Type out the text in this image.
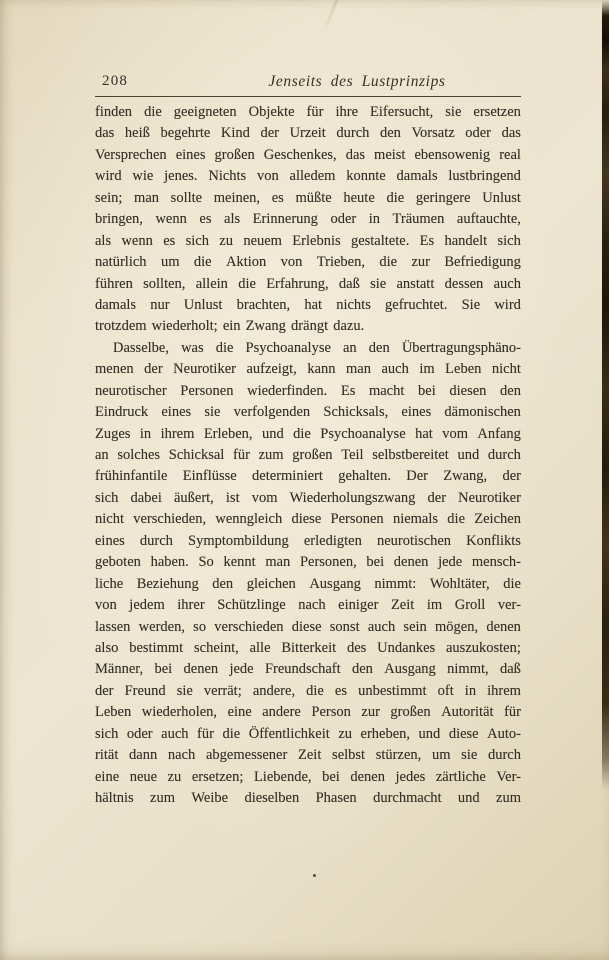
208	Jenseits des Lustprinzips
finden die geeigneten Objekte für ihre Eifersucht, sie ersetzen
das heiß begehrte Kind der Urzeit durch den Vorsatz oder das
Versprechen eines großen Geschenkes, das meist ebensowenig real
wird wie jenes. Nichts von alledem konnte damals lustbringend
sein; man sollte meinen, es müßte heute die geringere Unlust
bringen, wenn es als Erinnerung oder in Träumen auftauchte,
als wenn es sich zu neuem Erlebnis gestaltete. Es handelt sich
natürlich um die Aktion von Trieben, die zur Befriedigung
führen sollten, allein die Erfahrung, daß sie anstatt dessen auch
damals nur Unlust brachten, hat nichts gefruchtet. Sie wird
trotzdem wiederholt; ein Zwang drängt dazu.
Dasselbe, was die Psychoanalyse an den Übertragungsphäno-
menen der Neurotiker aufzeigt, kann man auch im Leben nicht
neurotischer Personen wiederfinden. Es macht bei diesen den
Eindruck eines sie verfolgenden Schicksals, eines dämonischen
Zuges in ihrem Erleben, und die Psychoanalyse hat vom Anfang
an solches Schicksal für zum großen Teil selbstbereitet und durch
frühinfantile Einflüsse determiniert gehalten. Der Zwang, der
sich dabei äußert, ist vom Wiederholungszwang der Neurotiker
nicht verschieden, wenngleich diese Personen niemals die Zeichen
eines durch Symptombildung erledigten neurotischen Konflikts
geboten haben. So kennt man Personen, bei denen jede mensch-
liche Beziehung den gleichen Ausgang nimmt: Wohltäter, die
von jedem ihrer Schützlinge nach einiger Zeit im Groll ver-
lassen werden, so verschieden diese sonst auch sein mögen, denen
also bestimmt scheint, alle Bitterkeit des Undankes auszukosten;
Männer, bei denen jede Freundschaft den Ausgang nimmt, daß
der Freund sie verrät; andere, die es unbestimmt oft in ihrem
Leben wiederholen, eine andere Person zur großen Autorität für
sich oder auch für die Öffentlichkeit zu erheben, und diese Auto-
rität dann nach abgemessener Zeit selbst stürzen, um sie durch
eine neue zu ersetzen; Liebende, bei denen jedes zärtliche Ver-
hältnis zum Weibe dieselben Phasen durchmacht und zum
